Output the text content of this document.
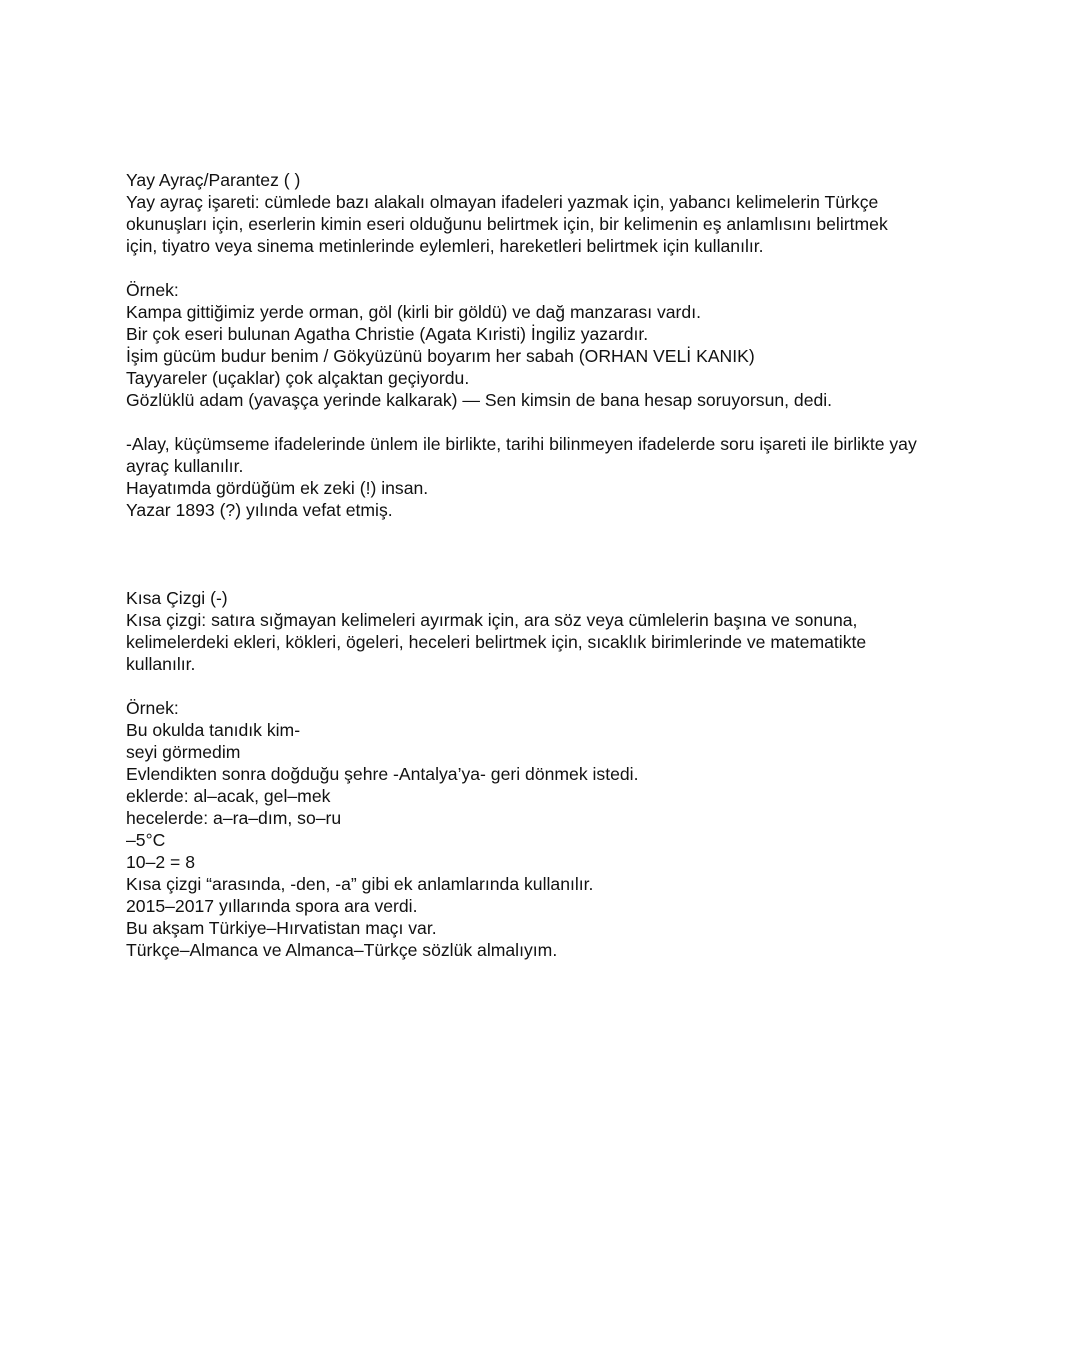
Yay Ayraç/Parantez ( )
Yay ayraç işareti: cümlede bazı alakalı olmayan ifadeleri yazmak için, yabancı kelimelerin Türkçe
okunuşları için, eserlerin kimin eseri olduğunu belirtmek için, bir kelimenin eş anlamlısını belirtmek
için, tiyatro veya sinema metinlerinde eylemleri, hareketleri belirtmek için kullanılır.
Örnek:
Kampa gittiğimiz yerde orman, göl (kirli bir göldü) ve dağ manzarası vardı.
Bir çok eseri bulunan Agatha Christie (Agata Kıristi) İngiliz yazardır.
İşim gücüm budur benim / Gökyüzünü boyarım her sabah (ORHAN VELİ KANIK)
Tayyareler (uçaklar) çok alçaktan geçiyordu.
Gözlüklü adam (yavaşça yerinde kalkarak) — Sen kimsin de bana hesap soruyorsun, dedi.
-Alay, küçümseme ifadelerinde ünlem ile birlikte, tarihi bilinmeyen ifadelerde soru işareti ile birlikte yay
ayraç kullanılır.
Hayatımda gördüğüm ek zeki (!) insan.
Yazar 1893 (?) yılında vefat etmiş.
Kısa Çizgi (-)
Kısa çizgi: satıra sığmayan kelimeleri ayırmak için, ara söz veya cümlelerin başına ve sonuna,
kelimelerdeki ekleri, kökleri, ögeleri, heceleri belirtmek için, sıcaklık birimlerinde ve matematikte
kullanılır.
Örnek:
Bu okulda tanıdık kim-
seyi görmedim
Evlendikten sonra doğduğu şehre -Antalya’ya- geri dönmek istedi.
eklerde: al–acak, gel–mek
hecelerde: a–ra–dım, so–ru
–5°C
10–2 = 8
Kısa çizgi “arasında, -den, -a” gibi ek anlamlarında kullanılır.
2015–2017 yıllarında spora ara verdi.
Bu akşam Türkiye–Hırvatistan maçı var.
Türkçe–Almanca ve Almanca–Türkçe sözlük almalıyım.
